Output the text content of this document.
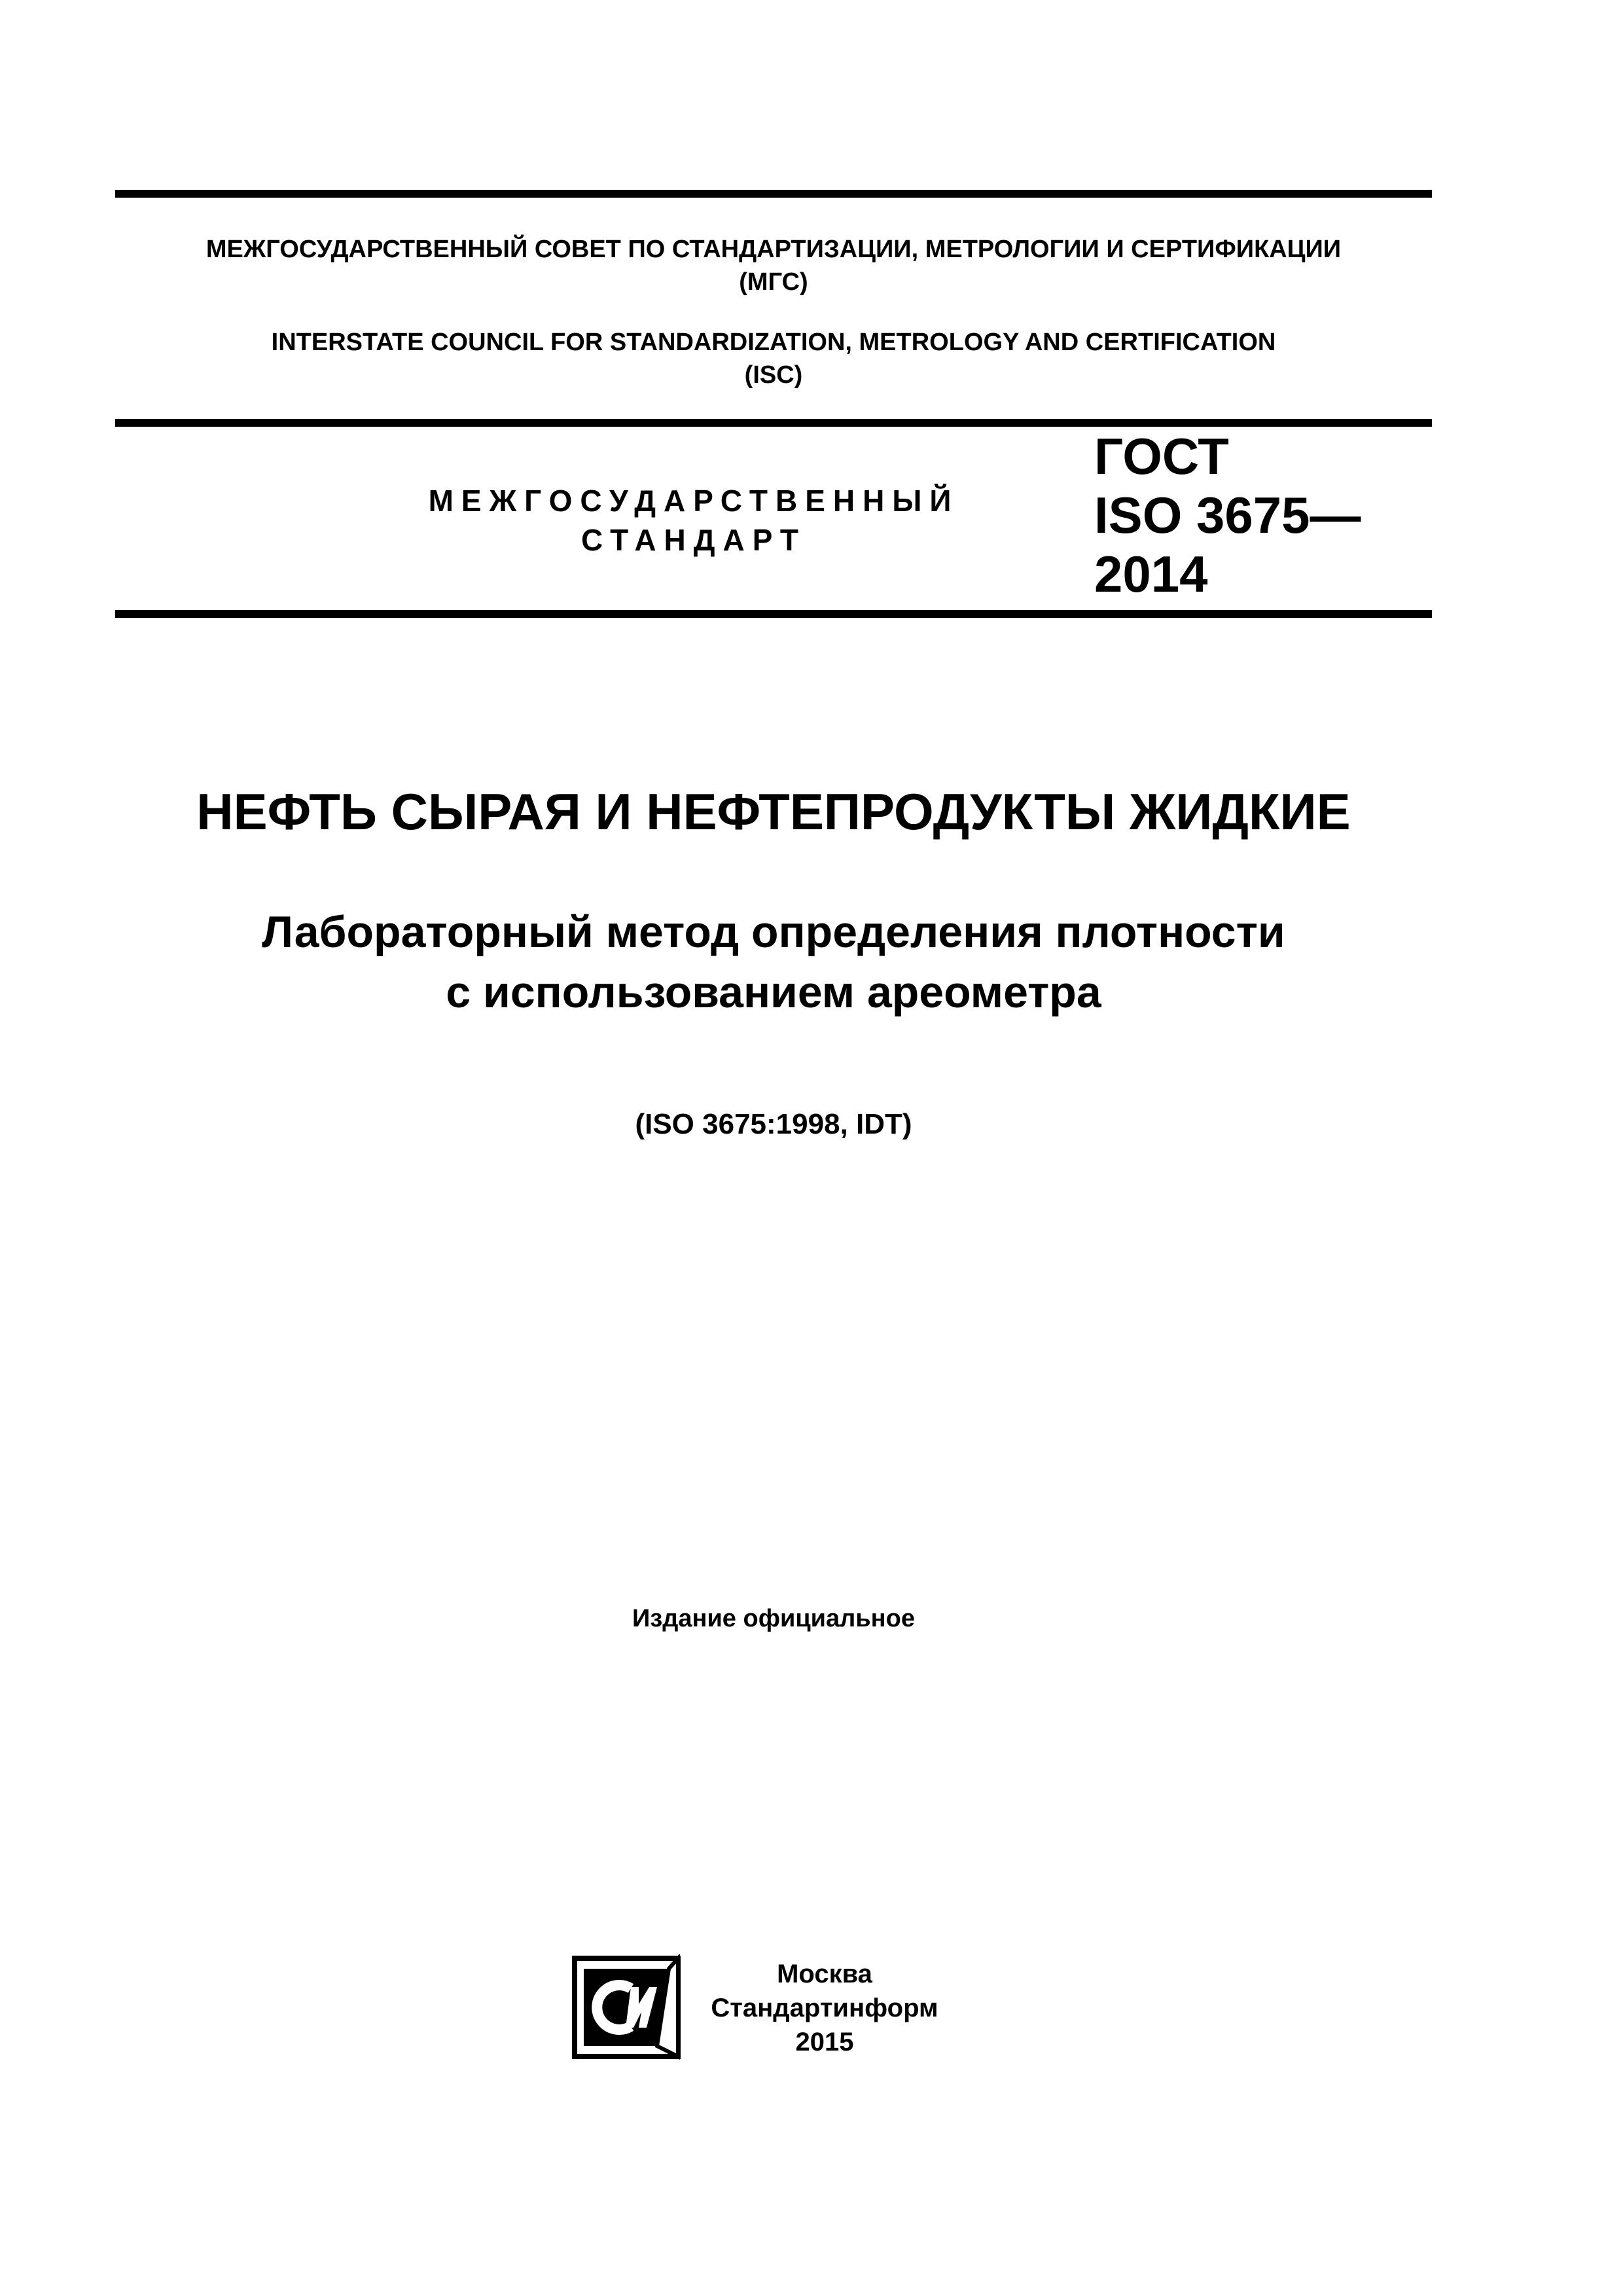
МЕЖГОСУДАРСТВЕННЫЙ СОВЕТ ПО СТАНДАРТИЗАЦИИ, МЕТРОЛОГИИ И СЕРТИФИКАЦИИ
(МГС)
INTERSTATE COUNCIL FOR STANDARDIZATION, METROLOGY AND CERTIFICATION
(ISC)
МЕЖГОСУДАРСТВЕННЫЙ
СТАНДАРТ
ГОСТ
ISO 3675—
2014
НЕФТЬ СЫРАЯ И НЕФТЕПРОДУКТЫ ЖИДКИЕ
Лабораторный метод определения плотности
с использованием ареометра
(ISO 3675:1998, IDT)
Издание официальное
Москва
Стандартинформ
2015
